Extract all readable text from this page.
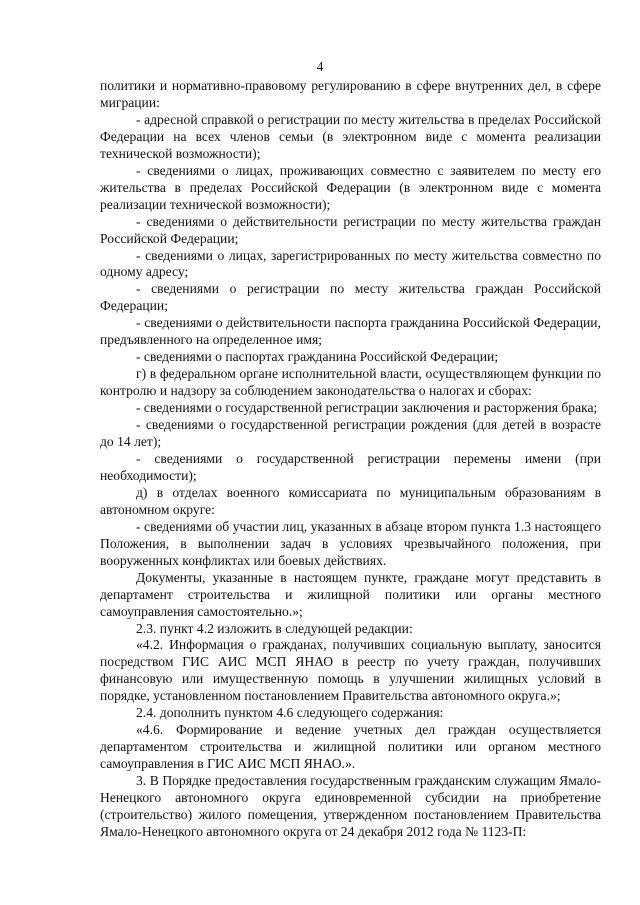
4

политики и нормативно-правовому регулированию в сфере внутренних дел, в сфере миграции:

- адресной справкой о регистрации по месту жительства в пределах Российской Федерации на всех членов семьи (в электронном виде с момента реализации технической возможности);

- сведениями о лицах, проживающих совместно с заявителем по месту его жительства в пределах Российской Федерации (в электронном виде с момента реализации технической возможности);

- сведениями о действительности регистрации по месту жительства граждан Российской Федерации;

- сведениями о лицах, зарегистрированных по месту жительства совместно по одному адресу;

- сведениями о регистрации по месту жительства граждан Российской Федерации;

- сведениями о действительности паспорта гражданина Российской Федерации, предъявленного на определенное имя;

- сведениями о паспортах гражданина Российской Федерации;

г) в федеральном органе исполнительной власти, осуществляющем функции по контролю и надзору за соблюдением законодательства о налогах и сборах:

- сведениями о государственной регистрации заключения и расторжения брака;

- сведениями о государственной регистрации рождения (для детей в возрасте до 14 лет);

- сведениями о государственной регистрации перемены имени (при необходимости);

д) в отделах военного комиссариата по муниципальным образованиям в автономном округе:

- сведениями об участии лиц, указанных в абзаце втором пункта 1.3 настоящего Положения, в выполнении задач в условиях чрезвычайного положения, при вооруженных конфликтах или боевых действиях.

Документы, указанные в настоящем пункте, граждане могут представить в департамент строительства и жилищной политики или органы местного самоуправления самостоятельно.»;

2.3. пункт 4.2 изложить в следующей редакции:

«4.2. Информация о гражданах, получивших социальную выплату, заносится посредством ГИС АИС МСП ЯНАО в реестр по учету граждан, получивших финансовую или имущественную помощь в улучшении жилищных условий в порядке, установленном постановлением Правительства автономного округа.»;

2.4. дополнить пунктом 4.6 следующего содержания:

«4.6. Формирование и ведение учетных дел граждан осуществляется департаментом строительства и жилищной политики или органом местного самоуправления в ГИС АИС МСП ЯНАО.».

3. В Порядке предоставления государственным гражданским служащим Ямало-Ненецкого автономного округа единовременной субсидии на приобретение (строительство) жилого помещения, утвержденном постановлением Правительства Ямало-Ненецкого автономного округа от 24 декабря 2012 года № 1123-П:
